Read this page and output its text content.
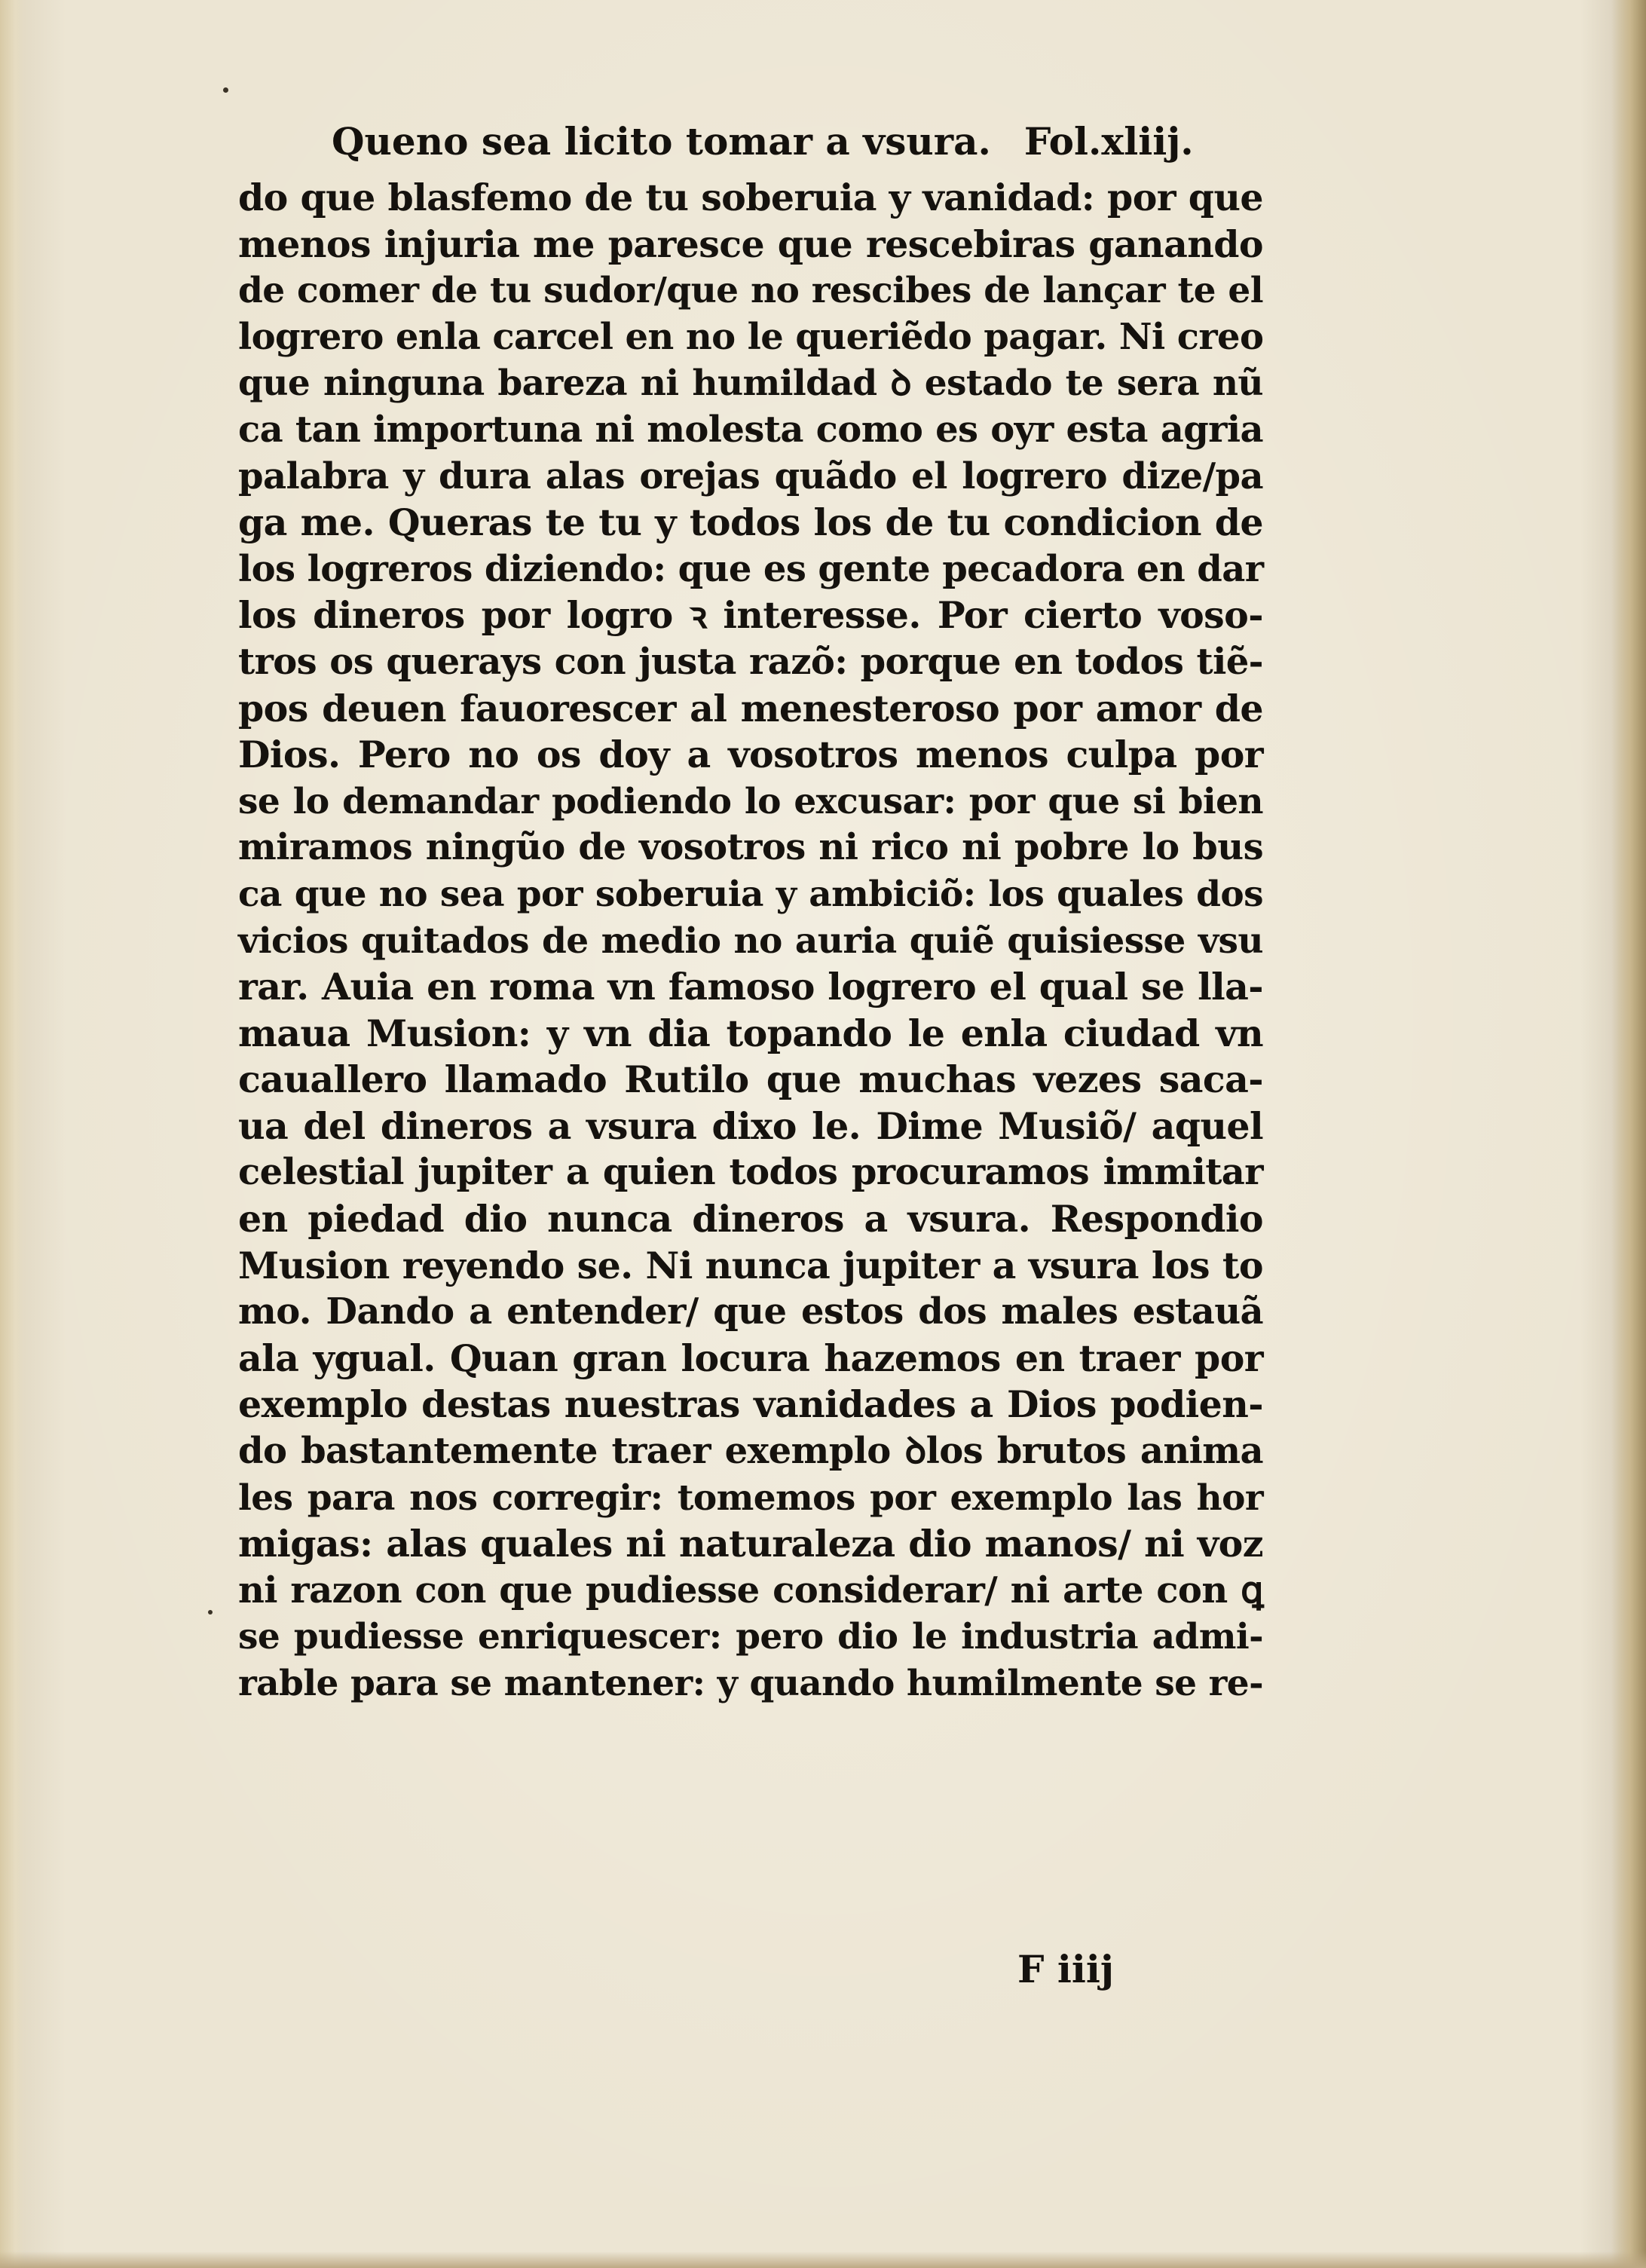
Queno sea licito tomar a vsura. Fol.xliij.
do que blasfemo de tu soberuia y vanidad: por que
menos injuria me paresce que rescebiras ganando
de comer de tu sudor/que no rescibes de lançar te el
logrero enla carcel en no le queriẽdo pagar. Ni creo
que ninguna bareza ni humildad ꝺ estado te sera nũ
ca tan importuna ni molesta como es oyr esta agria
palabra y dura alas orejas quãdo el logrero dize/pa
ga me. Queras te tu y todos los de tu condicion de
los logreros diziendo: que es gente pecadora en dar
los dineros por logro ꝛ interesse. Por cierto voso-
tros os querays con justa razõ: porque en todos tiẽ-
pos deuen fauorescer al menesteroso por amor de
Dios. Pero no os doy a vosotros menos culpa por
se lo demandar podiendo lo excusar: por que si bien
miramos ningũo de vosotros ni rico ni pobre lo bus
ca que no sea por soberuia y ambiciõ: los quales dos
vicios quitados de medio no auria quiẽ quisiesse vsu
rar. Auia en roma vn famoso logrero el qual se lla-
maua Musion: y vn dia topando le enla ciudad vn
cauallero llamado Rutilo que muchas vezes saca-
ua del dineros a vsura dixo le. Dime Musiõ/ aquel
celestial jupiter a quien todos procuramos immitar
en piedad dio nunca dineros a vsura. Respondio
Musion reyendo se. Ni nunca jupiter a vsura los to
mo. Dando a entender/ que estos dos males estauã
ala ygual. Quan gran locura hazemos en traer por
exemplo destas nuestras vanidades a Dios podien-
do bastantemente traer exemplo ꝺlos brutos anima
les para nos corregir: tomemos por exemplo las hor
migas: alas quales ni naturaleza dio manos/ ni voz
ni razon con que pudiesse considerar/ ni arte con ꝗ
se pudiesse enriquescer: pero dio le industria admi-
rable para se mantener: y quando humilmente se re-
F iiij
